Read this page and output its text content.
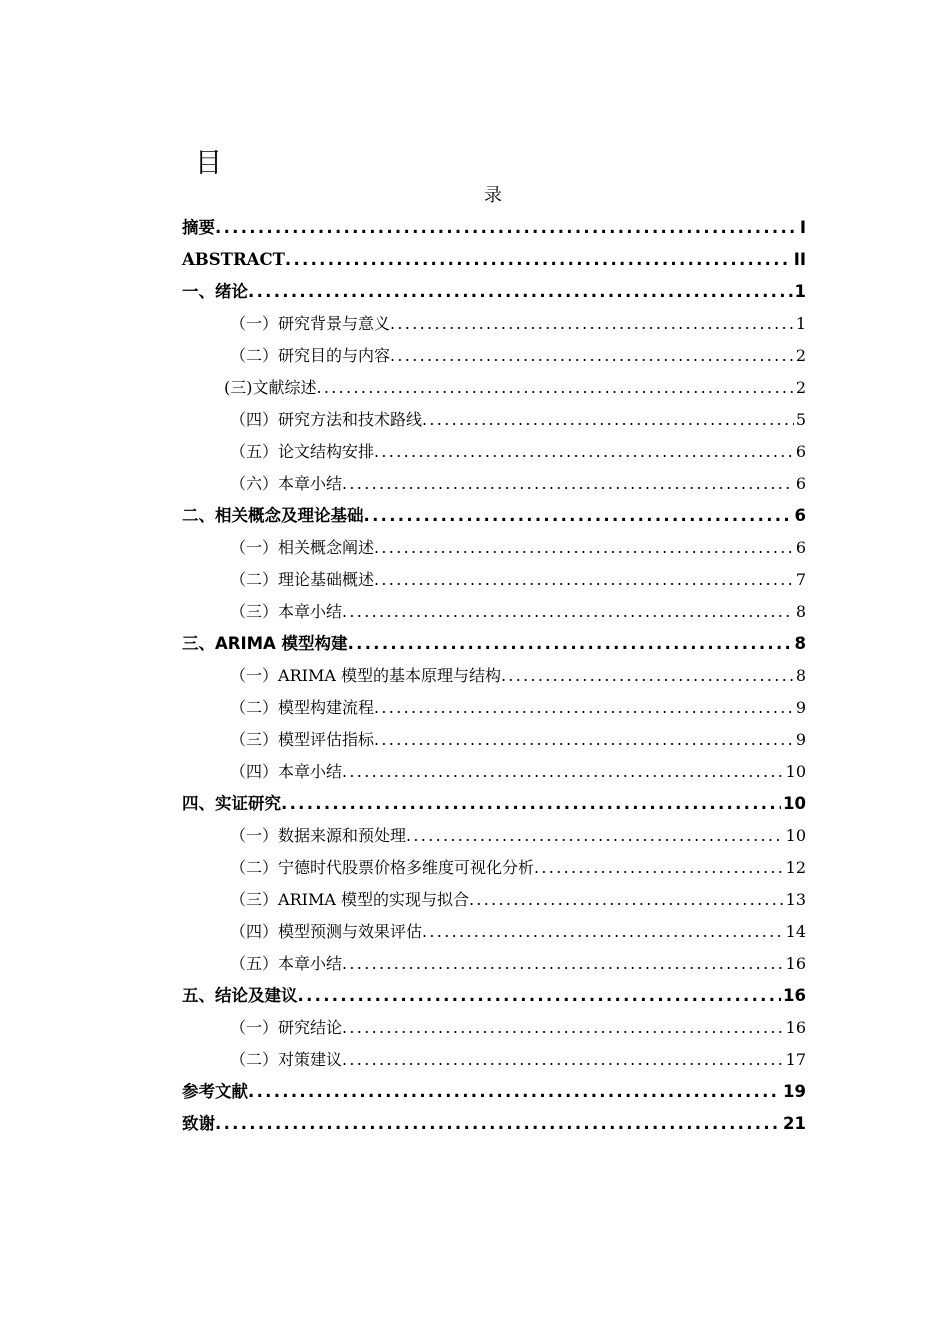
目
录
摘要 .....	I
ABSTRACT .....	II
一、 绪论 .....	1
（一） 研究背景与意义 .....	1
（二） 研究目的与内容 .....	2
(三) 文献综述 .....	2
（四） 研究方法和技术路线 .....	5
（五） 论文结构安排 .....	6
（六） 本章小结 .....	6
二、 相关概念及理论基础 .....	6
（一） 相关概念阐述 .....	6
（二） 理论基础概述 .....	7
（三） 本章小结 .....	8
三、 ARIMA 模型构建 .....	8
（一） ARIMA 模型的基本原理与结构 .....	8
（二） 模型构建流程 .....	9
（三） 模型评估指标 .....	9
（四） 本章小结 .....	10
四、 实证研究 .....	10
（一） 数据来源和预处理 .....	10
（二） 宁德时代股票价格多维度可视化分析 .....	12
（三） ARIMA 模型的实现与拟合 .....	13
（四） 模型预测与效果评估 .....	14
（五） 本章小结 .....	16
五、 结论及建议 .....	16
（一） 研究结论 .....	16
（二） 对策建议 .....	17
参考文献 .....	19
致谢 .....	21
